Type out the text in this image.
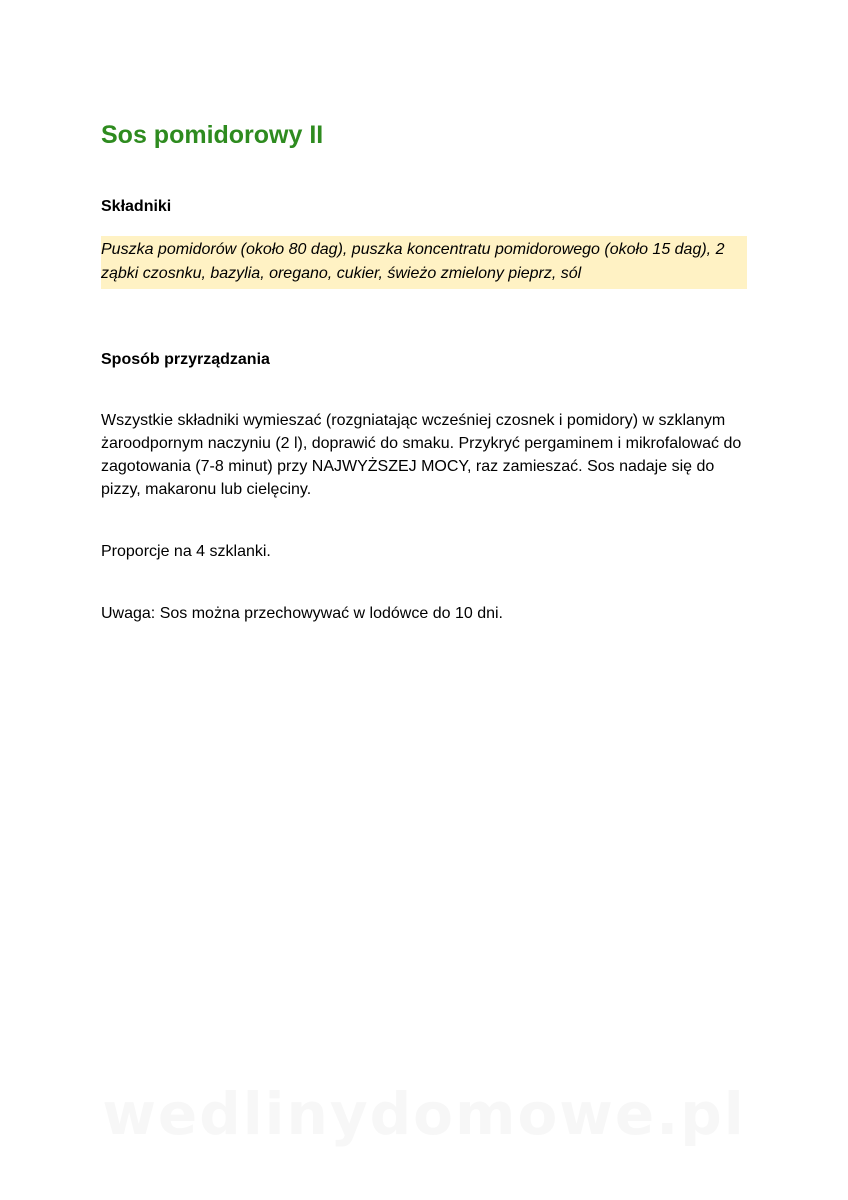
Sos pomidorowy II
Składniki

Puszka pomidorów (około 80 dag), puszka koncentratu pomidorowego (około 15 dag), 2 ząbki czosnku, bazylia, oregano, cukier, świeżo zmielony pieprz, sól

Sposób przyrządzania

Wszystkie składniki wymieszać (rozgniatając wcześniej czosnek i pomidory) w szklanym żaroodpornym naczyniu (2 l), doprawić do smaku. Przykryć pergaminem i mikrofalować do zagotowania (7-8 minut) przy NAJWYŻSZEJ MOCY, raz zamieszać. Sos nadaje się do pizzy, makaronu lub cielęciny.

Proporcje na 4 szklanki.

Uwaga: Sos można przechowywać w lodówce do 10 dni.

wedlinydomowe.pl
